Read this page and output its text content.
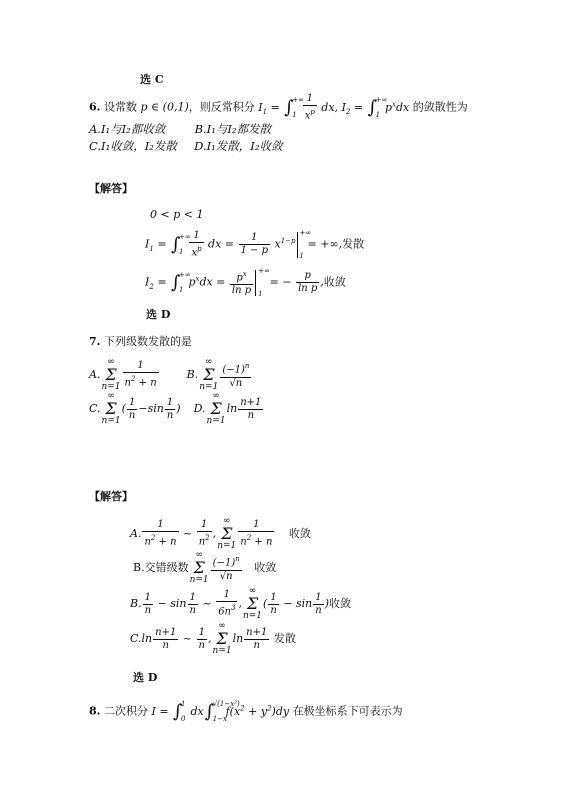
选 C
6. 设常数 p ∈ (0,1)，则反常积分 $I_1$ = ∫
+∞
$1 \frac{1}{x^p}$ dx, $I_2$ = ∫
+∞
1
$p^xdx$ 的敛散性为
A.I₁与I₂都收敛	B.I₁与I₂都发散
C.I₁收敛，I₂发散 D.I₁发散，I₂收敛
【解答】
0 < p < 1
$I_1$ = ∫
+∞
$1 \frac{1}{x^p}$ dx = $\frac{1}{1 - p} x^{1-p}$
+∞
1
= +∞,发散
$I_2$ = ∫
+∞
1
$p^xdx = \frac{p^x}{\text{ln p}}$ +∞
1
= − $\frac{p}{\text{ln p}}$ ,收敛
选 D
7. 下列级数发散的是
A.∞
Σ
$n=1 \frac{1}{n^2 + n}$	B.∞
Σ
$n=1 \frac{(-1)^n}{√n}$
C.∞
Σ
$n=1( \frac{1}{n} -\sin \frac{1}{n}$ )  D.∞
Σ
$n=1\ln \frac{n+1}{n}$
【解答】
A. $\frac{1}{n^2 + n}$ ~ $\frac{1}{n^2}$ ,∞
Σ
$n=1 \frac{1}{n^2 + n}$ 收敛
B.交错级数∞
Σ
$n=1 \frac{(-1)^n}{√n}$ 收敛
B. $\frac{1}{n} - \sin \frac{1}{n}$ ~ $\frac{1}{6n^3}$ ,∞
Σ
$n=1( \frac{1}{n} - \sin \frac{1}{n}$ )收敛
$C.\ln \frac{n+1}{n}$ ~ $\frac{1}{n}$ ,∞
Σ
$n=1\ln \frac{n+1}{n}$ 发散
选 D
8. 二次积分 I = ∫
1
0
dx∫
√(1−x²)
1−x
$f(x^2 + y^2)dy$ 在极坐标系下可表示为
